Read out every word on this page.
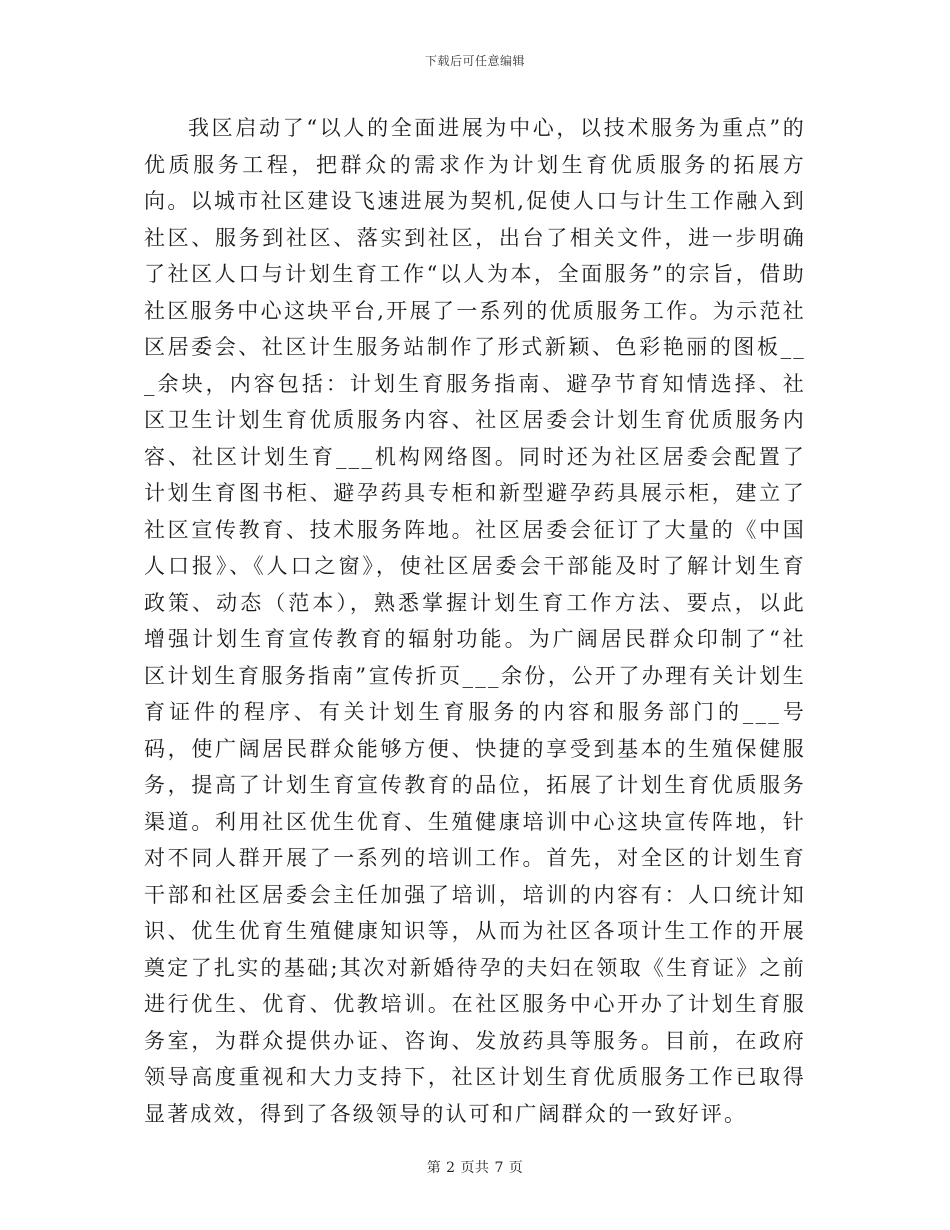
下载后可任意编辑

我区启动了“以人的全面进展为中心，以技术服务为重点”的优质服务工程，把群众的需求作为计划生育优质服务的拓展方向。以城市社区建设飞速进展为契机,促使人口与计生工作融入到社区、服务到社区、落实到社区，出台了相关文件，进一步明确了社区人口与计划生育工作“以人为本，全面服务”的宗旨，借助社区服务中心这块平台,开展了一系列的优质服务工作。为示范社区居委会、社区计生服务站制作了形式新颖、色彩艳丽的图板___余块，内容包括：计划生育服务指南、避孕节育知情选择、社区卫生计划生育优质服务内容、社区居委会计划生育优质服务内容、社区计划生育___机构网络图。同时还为社区居委会配置了计划生育图书柜、避孕药具专柜和新型避孕药具展示柜，建立了社区宣传教育、技术服务阵地。社区居委会征订了大量的《中国人口报》、《人口之窗》，使社区居委会干部能及时了解计划生育政策、动态（范本），熟悉掌握计划生育工作方法、要点，以此增强计划生育宣传教育的辐射功能。为广阔居民群众印制了“社区计划生育服务指南”宣传折页___余份，公开了办理有关计划生育证件的程序、有关计划生育服务的内容和服务部门的___号码，使广阔居民群众能够方便、快捷的享受到基本的生殖保健服务，提高了计划生育宣传教育的品位，拓展了计划生育优质服务渠道。利用社区优生优育、生殖健康培训中心这块宣传阵地，针对不同人群开展了一系列的培训工作。首先，对全区的计划生育干部和社区居委会主任加强了培训，培训的内容有：人口统计知识、优生优育生殖健康知识等，从而为社区各项计生工作的开展奠定了扎实的基础;其次对新婚待孕的夫妇在领取《生育证》之前进行优生、优育、优教培训。在社区服务中心开办了计划生育服务室，为群众提供办证、咨询、发放药具等服务。目前，在政府领导高度重视和大力支持下，社区计划生育优质服务工作已取得显著成效，得到了各级领导的认可和广阔群众的一致好评。

第 2 页共 7 页
